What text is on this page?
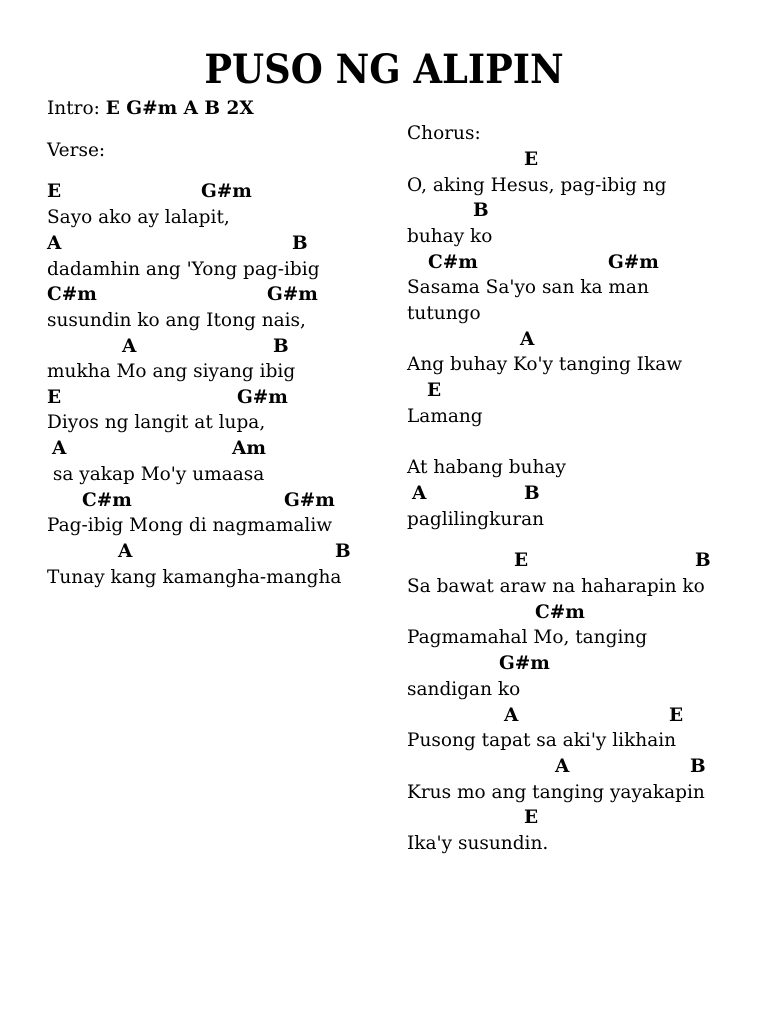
PUSO NG ALIPIN
Intro: E G#m A B 2X
Verse:
E	G#m
Sayo ako ay lalapit,
A	B
dadamhin ang 'Yong pag-ibig
C#m	G#m
susundin ko ang Itong nais,
A	B
mukha Mo ang siyang ibig
E	G#m
Diyos ng langit at lupa,
A	Am
sa yakap Mo'y umaasa
C#m	G#m
Pag-ibig Mong di nagmamaliw
A	B
Tunay kang kamangha-mangha
Chorus:
E
O, aking Hesus, pag-ibig ng
B
buhay ko
C#m	G#m
Sasama Sa'yo san ka man
tutungo
A
Ang buhay Ko'y tanging Ikaw
E
Lamang
At habang buhay
A	B
paglilingkuran
E	B
Sa bawat araw na haharapin ko
C#m
Pagmamahal Mo, tanging
G#m
sandigan ko
A	E
Pusong tapat sa aki'y likhain
A	B
Krus mo ang tanging yayakapin
E
Ika'y susundin.
